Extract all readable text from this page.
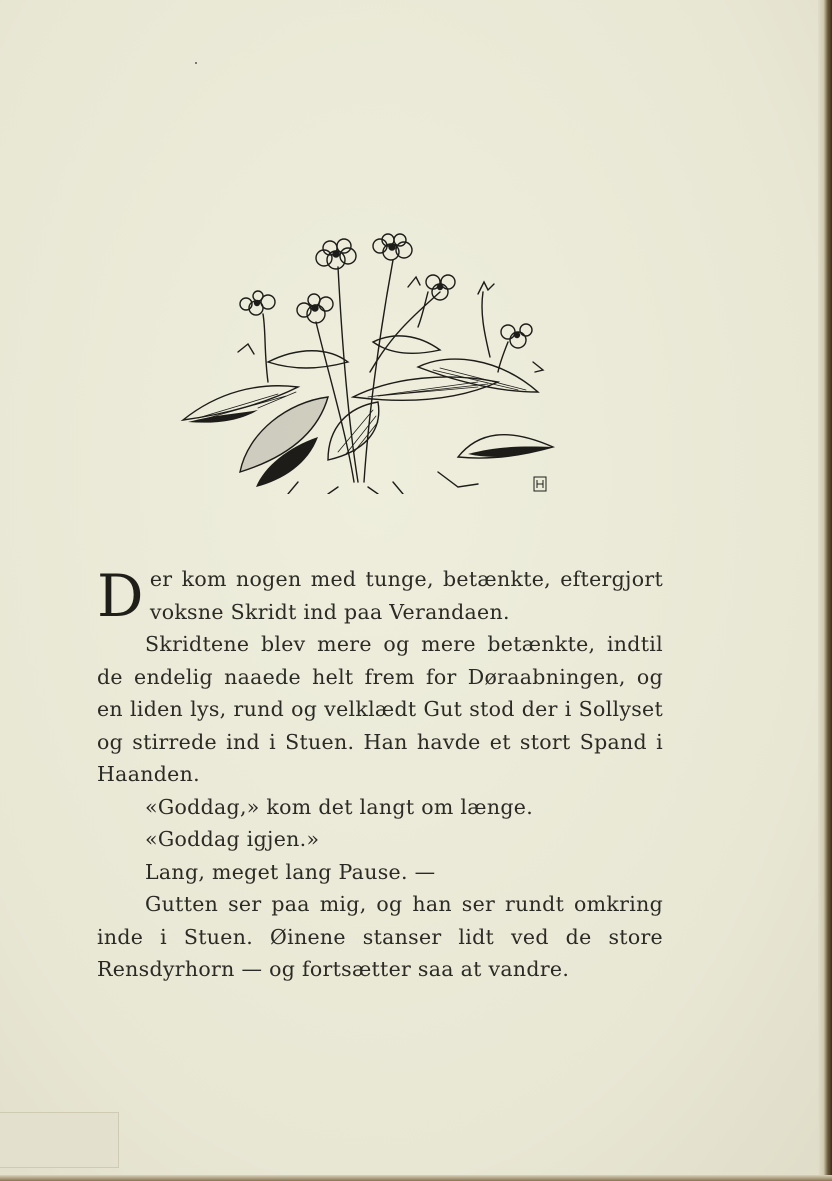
D er kom nogen med tunge, betænkte, eftergjort

voksne Skridt ind paa Verandaen.

Skridtene blev mere og mere betænkte, indtil de endelig naaede helt frem for Døraabningen, og en liden lys, rund og velklædt Gut stod der i Sollyset og stirrede ind i Stuen. Han havde et stort Spand i Haanden.

«Goddag,» kom det langt om længe.

«Goddag igjen.»

Lang, meget lang Pause. —

Gutten ser paa mig, og han ser rundt omkring inde i Stuen. Øinene stanser lidt ved de store Rensdyrhorn — og fortsætter saa at vandre.
